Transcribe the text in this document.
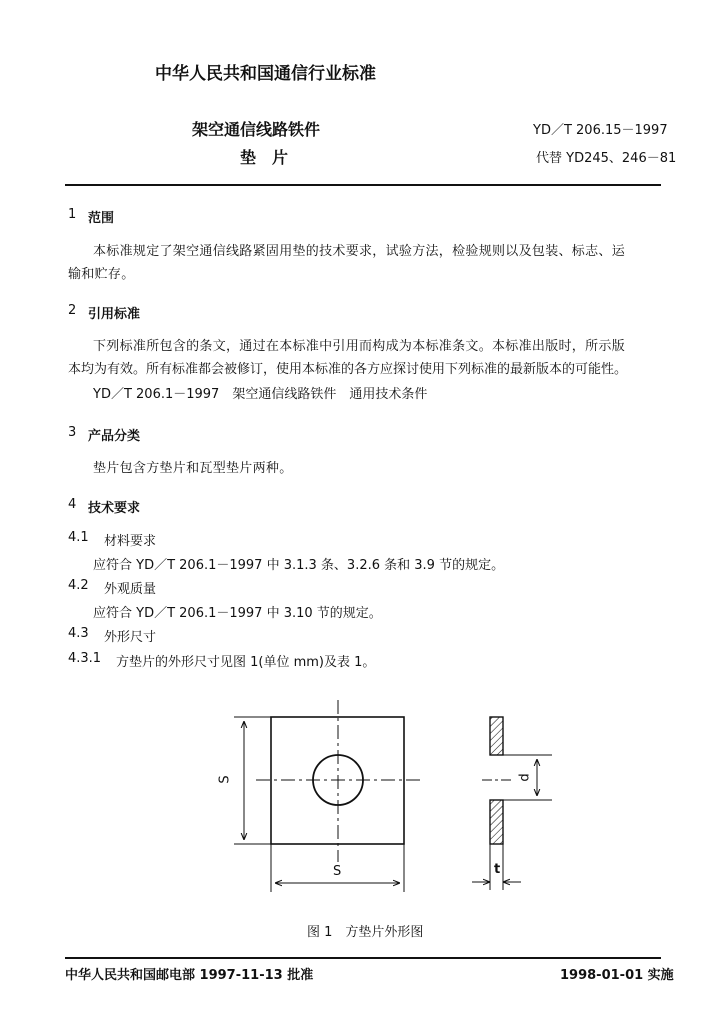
中华人民共和国通信行业标准
架空通信线路铁件
垫　片
YD／T 206.15－1997
代替 YD245、246－81
1 范围
本标准规定了架空通信线路紧固用垫的技术要求，试验方法，检验规则以及包装、标志、运
输和贮存。
2 引用标准
下列标准所包含的条文，通过在本标准中引用而构成为本标准条文。本标准出版时，所示版
本均为有效。所有标准都会被修订，使用本标准的各方应探讨使用下列标准的最新版本的可能性。
YD／T 206.1－1997　架空通信线路铁件　通用技术条件
3 产品分类
垫片包含方垫片和瓦型垫片两种。
4 技术要求
4.1 材料要求
应符合 YD／T 206.1－1997 中 3.1.3 条、3.2.6 条和 3.9 节的规定。
4.2 外观质量
应符合 YD／T 206.1－1997 中 3.10 节的规定。
4.3 外形尺寸
4.3.1 方垫片的外形尺寸见图 1(单位 mm)及表 1。
S
S
d
t
图 1　方垫片外形图
中华人民共和国邮电部 1997-11-13 批准	1998-01-01 实施
